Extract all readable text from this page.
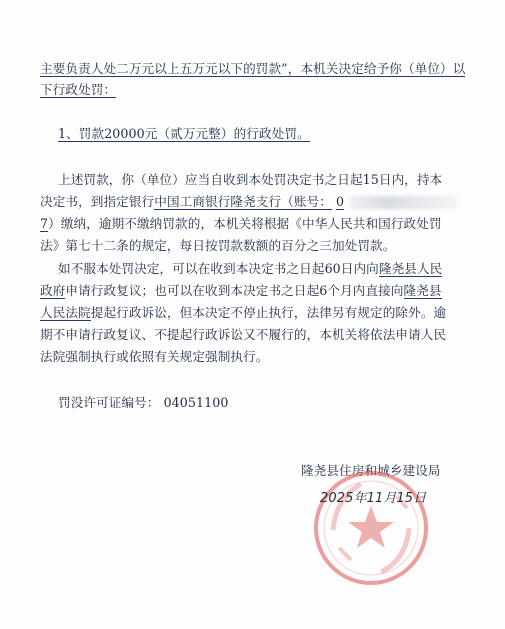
主要负责人处二万元以上五万元以下的罚款”，本机关决定给予你（单位）以
下行政处罚：
1、罚款20000元（贰万元整）的行政处罚。
上述罚款，你（单位）应当自收到本处罚决定书之日起15日内，持本
决定书，到指定银行中国工商银行隆尧支行（账号： 0
7）缴纳，逾期不缴纳罚款的，本机关将根据《中华人民共和国行政处罚
法》第七十二条的规定，每日按罚款数额的百分之三加处罚款。
如不服本处罚决定，可以在收到本决定书之日起60日内向隆尧县人民
政府申请行政复议；也可以在收到本决定书之日起6个月内直接向隆尧县
人民法院提起行政诉讼，但本决定不停止执行，法律另有规定的除外。逾
期不申请行政复议、不提起行政诉讼又不履行的，本机关将依法申请人民
法院强制执行或依照有关规定强制执行。
罚没许可证编号： 04051100
隆尧县住房和城乡建设局
2025年11月15日
